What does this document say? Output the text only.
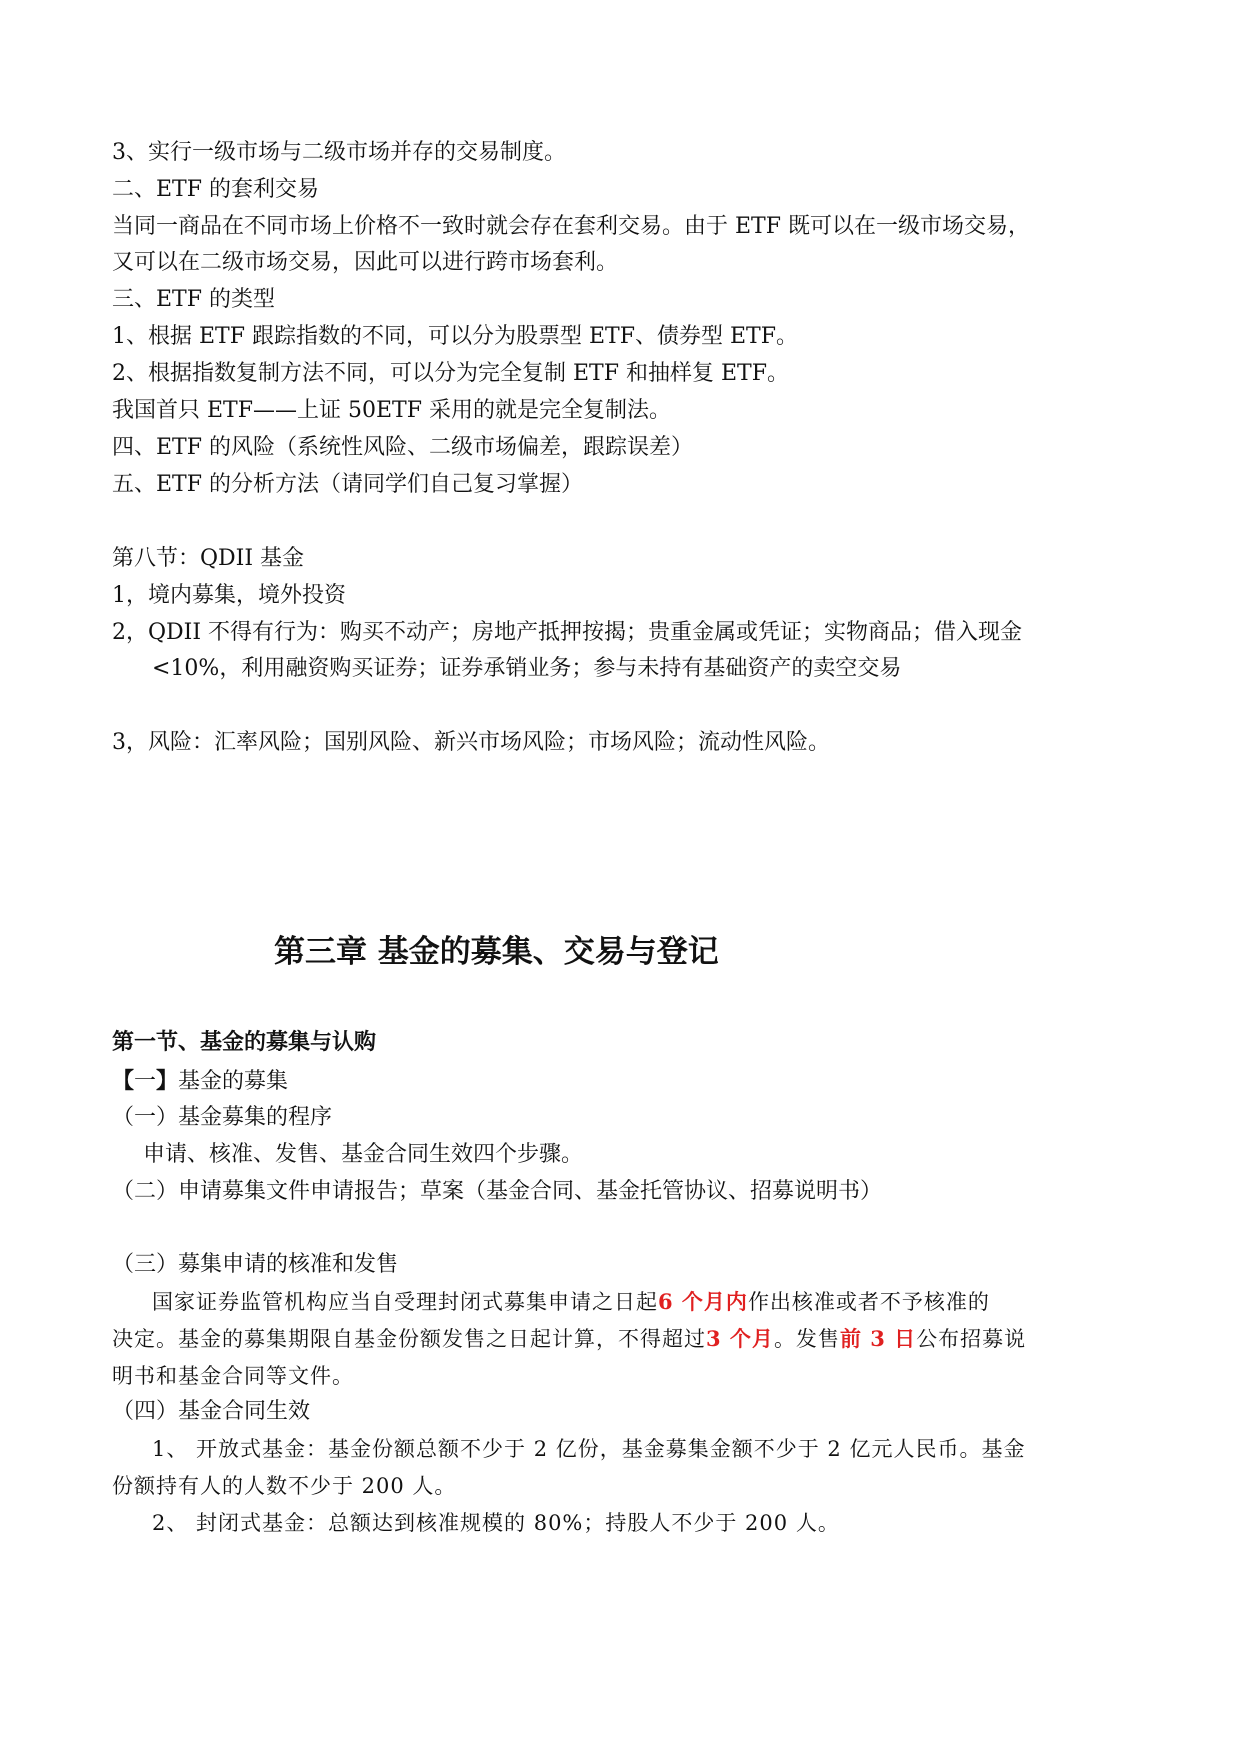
3、实行一级市场与二级市场并存的交易制度。

二、ETF 的套利交易

当同一商品在不同市场上价格不一致时就会存在套利交易。由于 ETF 既可以在一级市场交易，

又可以在二级市场交易，因此可以进行跨市场套利。

三、ETF 的类型

1、根据 ETF 跟踪指数的不同，可以分为股票型 ETF、债券型 ETF。

2、根据指数复制方法不同，可以分为完全复制 ETF 和抽样复 ETF。

我国首只 ETF——上证 50ETF 采用的就是完全复制法。

四、ETF 的风险（系统性风险、二级市场偏差，跟踪误差）

五、ETF 的分析方法（请同学们自己复习掌握）

第八节：QDII 基金

1，境内募集，境外投资

2，QDII 不得有行为：购买不动产；房地产抵押按揭；贵重金属或凭证；实物商品；借入现金

<10%，利用融资购买证券；证券承销业务；参与未持有基础资产的卖空交易

3，风险：汇率风险；国别风险、新兴市场风险；市场风险；流动性风险。

第三章 基金的募集、交易与登记
第一节、基金的募集与认购

【一】基金的募集

（一）基金募集的程序

申请、核准、发售、基金合同生效四个步骤。

（二）申请募集文件申请报告；草案（基金合同、基金托管协议、招募说明书）

（三）募集申请的核准和发售

国家证券监管机构应当自受理封闭式募集申请之日起6 个月内作出核准或者不予核准的

决定。基金的募集期限自基金份额发售之日起计算，不得超过3 个月。发售前 3 日公布招募说

明书和基金合同等文件。

（四）基金合同生效

1、 开放式基金：基金份额总额不少于 2 亿份，基金募集金额不少于 2 亿元人民币。基金

份额持有人的人数不少于 200 人。

2、 封闭式基金：总额达到核准规模的 80%；持股人不少于 200 人。
